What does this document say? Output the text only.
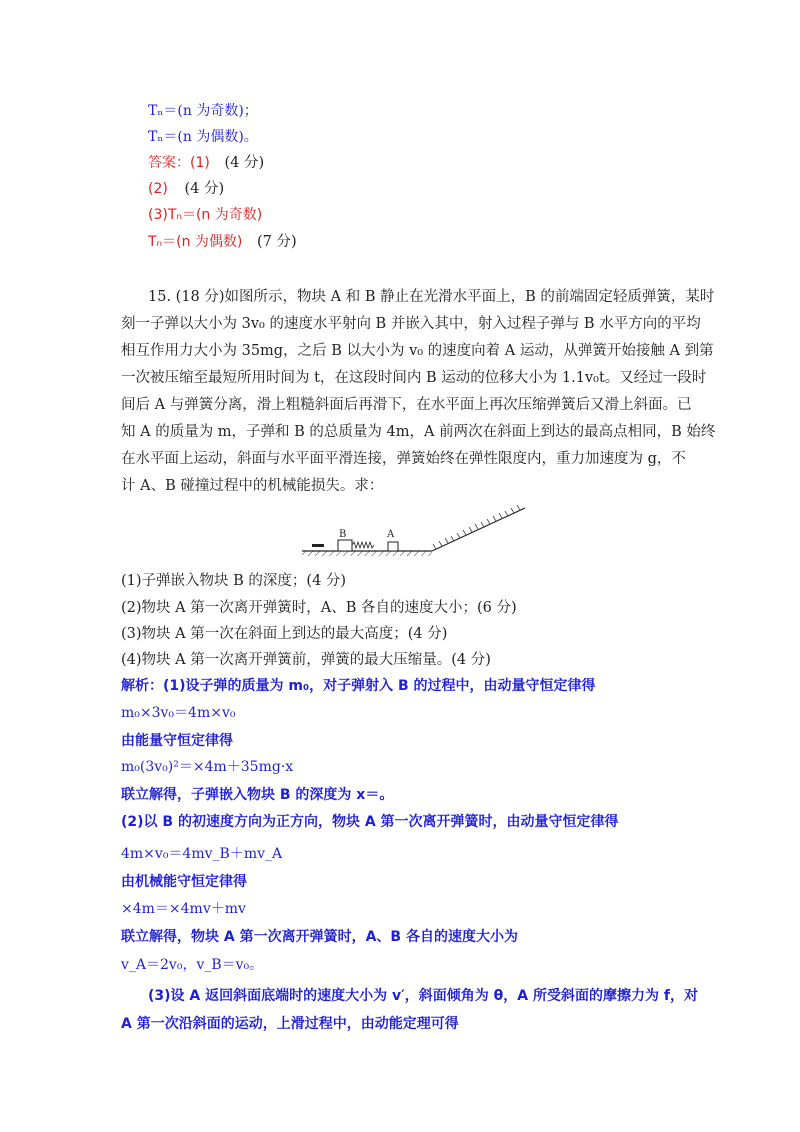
Tₙ＝(n 为奇数)；
Tₙ＝(n 为偶数)。
答案：(1) (4 分)
(2) (4 分)
(3)Tₙ＝(n 为奇数)
Tₙ＝(n 为偶数) (7 分)
15. (18 分)如图所示，物块 A 和 B 静止在光滑水平面上，B 的前端固定轻质弹簧，某时
刻一子弹以大小为 3v₀ 的速度水平射向 B 并嵌入其中，射入过程子弹与 B 水平方向的平均
相互作用力大小为 35mg，之后 B 以大小为 v₀ 的速度向着 A 运动，从弹簧开始接触 A 到第
一次被压缩至最短所用时间为 t，在这段时间内 B 运动的位移大小为 1.1v₀t。又经过一段时
间后 A 与弹簧分离，滑上粗糙斜面后再滑下，在水平面上再次压缩弹簧后又滑上斜面。已
知 A 的质量为 m，子弹和 B 的总质量为 4m，A 前两次在斜面上到达的最高点相同，B 始终
在水平面上运动，斜面与水平面平滑连接，弹簧始终在弹性限度内，重力加速度为 g，不
计 A、B 碰撞过程中的机械能损失。求：
B	A
(1)子弹嵌入物块 B 的深度；(4 分)
(2)物块 A 第一次离开弹簧时，A、B 各自的速度大小；(6 分)
(3)物块 A 第一次在斜面上到达的最大高度；(4 分)
(4)物块 A 第一次离开弹簧前，弹簧的最大压缩量。(4 分)
解析：(1)设子弹的质量为 m₀，对子弹射入 B 的过程中，由动量守恒定律得
m₀×3v₀＝4m×v₀
由能量守恒定律得
m₀(3v₀)²＝×4m＋35mg·x
联立解得，子弹嵌入物块 B 的深度为 x＝。
(2)以 B 的初速度方向为正方向，物块 A 第一次离开弹簧时，由动量守恒定律得
4m×v₀＝4mv_B＋mv_A
由机械能守恒定律得
×4m＝×4mv＋mv
联立解得，物块 A 第一次离开弹簧时，A、B 各自的速度大小为
v_A＝2v₀，v_B＝v₀。
(3)设 A 返回斜面底端时的速度大小为 v′，斜面倾角为 θ，A 所受斜面的摩擦力为 f，对
A 第一次沿斜面的运动，上滑过程中，由动能定理可得
